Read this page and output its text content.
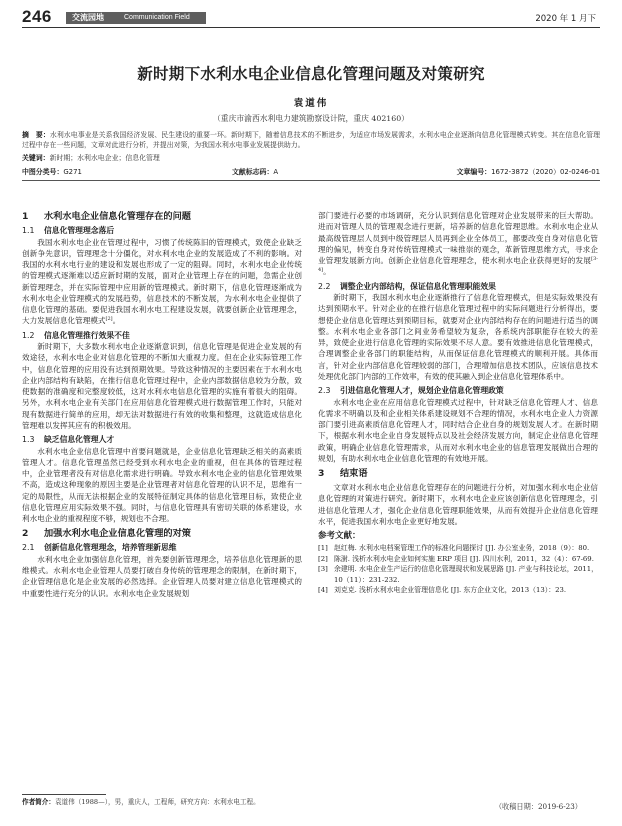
246	交流园地	Communication Field	2020 年 1 月下
新时期下水利水电企业信息化管理问题及对策研究
袁道伟
（重庆市渝西水利电力建筑勘察设计院，重庆 402160）
摘　要：水利水电事业是关系我国经济发展、民生建设的重要一环。新时期下，随着信息技术的不断进步，为适应市场发展需求，水利水电企业逐渐向信息化管理模式转变。其在信息化管理过程中存在一些问题，文章对此进行分析，并提出对策，为我国水利水电事业发展提供助力。
关键词：新时期；水利水电企业；信息化管理
中图分类号：G271	文献标志码：A	文章编号：1672-3872（2020）02-0246-01
1 水利水电企业信息化管理存在的问题
1.1 信息化管理理念落后

我国水利水电企业在管理过程中，习惯了传统陈旧的管理模式，致使企业缺乏创新争先意识，管理理念十分僵化，对水利水电企业的发展造成了不利的影响。对我国的水利水电行业的建设和发展也形成了一定的阻碍。同时，水利水电企业传统的管理模式逐渐难以适应新时期的发展，面对企业管理上存在的问题，急需企业创新管理理念，并在实际管理中应用新的管理模式。新时期下，信息化管理逐渐成为水利水电企业管理模式的发展趋势，信息技术的不断发展，为水利水电企业提供了信息化管理的基础。要促进我国水利水电工程建设发展，就要创新企业管理理念，大力发展信息化管理模式[2]。

1.2 信息化管理推行效果不佳

新时期下，大多数水利水电企业逐渐意识到，信息化管理是促进企业发展的有效途径，水利水电企业对信息化管理的不断加大重视力度。但在企业实际管理工作中，信息化管理的应用没有达到预期效果。导致这种情况的主要因素在于水利水电企业内部结构有缺陷，在推行信息化管理过程中，企业内部数据信息较为分散，致使数据的准确度和完整度较低，这对水利水电信息化管理的实施有着很大的阻碍。另外，水利水电企业有关部门在应用信息化管理模式进行数据管理工作时，只能对现有数据进行简单的应用，却无法对数据进行有效的收集和整理，这就造成信息化管理难以发挥其应有的积极效用。

1.3 缺乏信息化管理人才

水利水电企业信息化管理中首要问题就是，企业信息化管理缺乏相关的高素质管理人才。信息化管理虽然已经受到水利水电企业的重视，但在具体的管理过程中，企业管理者没有对信息化需求进行明确。导致水利水电企业的信息化管理效果不高，造成这种现象的原因主要是企业管理者对信息化管理的认识不足，思维有一定的局限性，从而无法根据企业的发展特征制定具体的信息化管理目标，致使企业信息化管理应用实际效果不强。同时，与信息化管理具有密切关联的体系建设，水利水电企业的重视程度不够，规划也不合理。

2 加强水利水电企业信息化管理的对策
2.1 创新信息化管理理念，培养管理新思维

水利水电企业加强信息化管理，首先要创新管理理念，培养信息化管理新的思维模式。水利水电企业管理人员要打破自身传统的管理理念的限制，在新时期下，企业管理信息化是企业发展的必然选择。企业管理人员要对建立信息化管理模式的中重要性进行充分的认识。水利水电企业发展规划

部门要进行必要的市场调研，充分认识到信息化管理对企业发展带来的巨大帮助。进而对管理人员的管理观念进行更新，培养新的信息化管理思维。水利水电企业从最高级管理层人员到中级管理层人员再到企业全体员工，都要改变自身对信息化管理的偏见，转变自身对传统管理模式一味推崇的观念，革新管理思维方式，寻求企业管理发展新方向。创新企业信息化管理理念，使水利水电企业获得更好的发展[3-4]。

2.2 调整企业内部结构，保证信息化管理职能效果

新时期下，我国水利水电企业逐渐推行了信息化管理模式，但是实际效果没有达到预期水平。针对企业的在推行信息化管理过程中的实际问题进行分析得出，要想使企业信息化管理达到预期目标，就要对企业内部结构存在的问题进行适当的调整。水利水电企业各部门之间业务希望较为复杂，各系统内部职能存在较大的差异，致使企业进行信息化管理的实际效果不尽人意。要有效推进信息化管理模式，合理调整企业各部门的职能结构，从而保证信息化管理模式的顺利开展。具体而言，针对企业内部信息化管理较弱的部门，合理增加信息技术团队，应该信息技术处理优化部门内部的工作效率，有效的使其融入到企业信息化管理体系中。

2.3 引进信息化管理人才，规划企业信息化管理政策

水利水电企业在应用信息化管理模式过程中，针对缺乏信息化管理人才、信息化需求不明确以及和企业相关体系建设规划不合理的情况，水利水电企业人力资源部门要引进高素质信息化管理人才，同时结合企业自身的规划发展人才。在新时期下，根据水利水电企业自身发展特点以及社会经济发展方向，制定企业信息化管理政策，明确企业信息化管理需求，从而对水利水电企业的信息管理发展做出合理的规划，有助水利水电企业信息化管理的有效地开展。

3 结束语

文章对水利水电企业信息化管理存在的问题进行分析，对加强水利水电企业信息化管理的对策进行研究。新时期下，水利水电企业应该创新信息化管理理念，引进信息化管理人才，强化企业信息化管理职能效果，从而有效提升企业信息化管理水平，促进我国水利水电企业更好地发展。

参考文献：
[1] 赵红梅. 水利水电档案管理工作的标准化问题探讨 [J]. 办公室业务，2018（9）：80.
[2] 陈澍. 浅析水利水电企业如何实施 ERP 项目 [J]. 四川水利，2011，32（4）：67-69.
[3] 余建明. 水电企业生产运行的信息化管理现状和发展思路 [J]. 产业与科技论坛，2011，10（11）：231-232.
[4] 刘克克. 浅析水利水电企业管理信息化 [J]. 东方企业文化，2013（13）：23.
作者简介：袁道伟（1988—），男，重庆人，工程师，研究方向：水利水电工程。	（收稿日期：2019-6-23）
